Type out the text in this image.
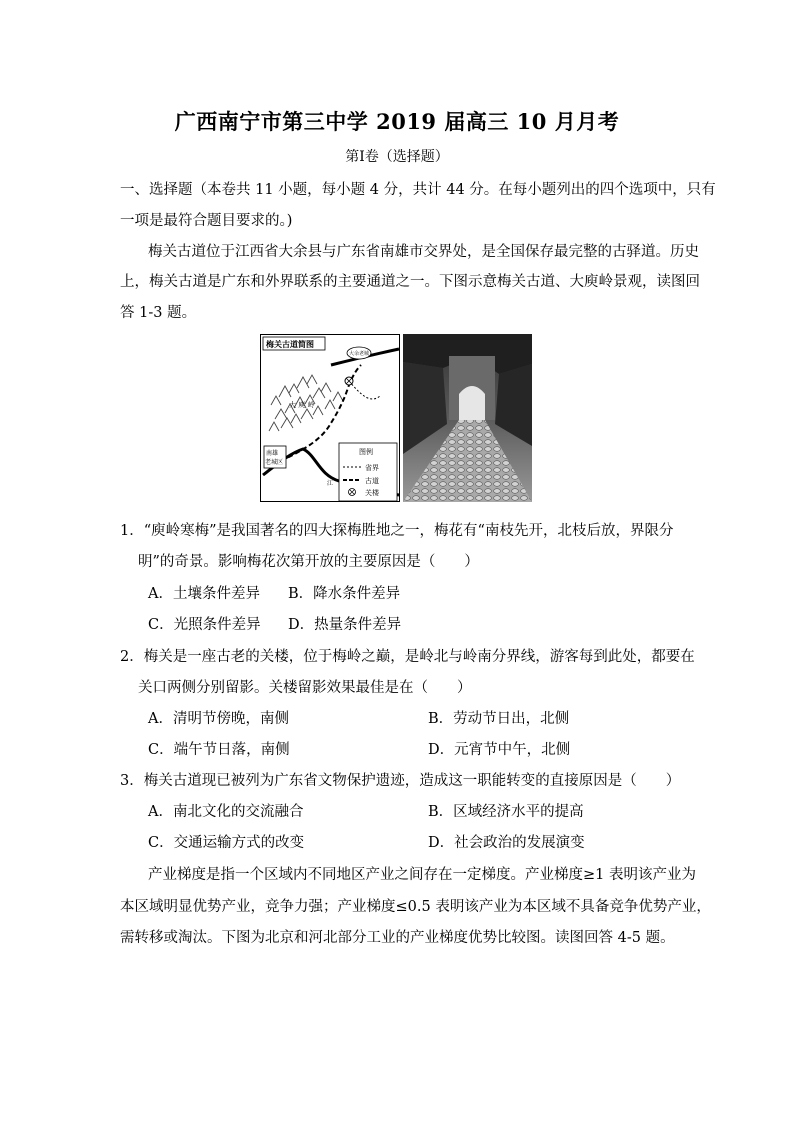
广西南宁市第三中学 2019 届高三 10 月月考
第Ⅰ卷（选择题）
一、选择题（本卷共 11 小题，每小题 4 分，共计 44 分。在每小题列出的四个选项中，只有
一项是最符合题目要求的。)
梅关古道位于江西省大余县与广东省南雄市交界处，是全国保存最完整的古驿道。历史
上，梅关古道是广东和外界联系的主要通道之一。下图示意梅关古道、大庾岭景观，读图回
答 1-3 题。
梅关古道简图
大余老城
大 庾 岭
南雄
老城区
江
图例
省界
古道
关楼
1．“庾岭寒梅”是我国著名的四大探梅胜地之一，梅花有“南枝先开，北枝后放，界限分
明”的奇景。影响梅花次第开放的主要原因是（　　）
A．土壤条件差异 B．降水条件差异
C．光照条件差异 D．热量条件差异
2．梅关是一座古老的关楼，位于梅岭之巅，是岭北与岭南分界线，游客每到此处，都要在
关口两侧分别留影。关楼留影效果最佳是在（　　）
A．清明节傍晚，南侧	B．劳动节日出，北侧
C．端午节日落，南侧	D．元宵节中午，北侧
3．梅关古道现已被列为广东省文物保护遗迹，造成这一职能转变的直接原因是（　　）
A．南北文化的交流融合	B．区域经济水平的提高
C．交通运输方式的改变	D．社会政治的发展演变
产业梯度是指一个区域内不同地区产业之间存在一定梯度。产业梯度≥1 表明该产业为
本区域明显优势产业，竞争力强；产业梯度≤0.5 表明该产业为本区域不具备竞争优势产业，
需转移或淘汰。下图为北京和河北部分工业的产业梯度优势比较图。读图回答 4-5 题。
